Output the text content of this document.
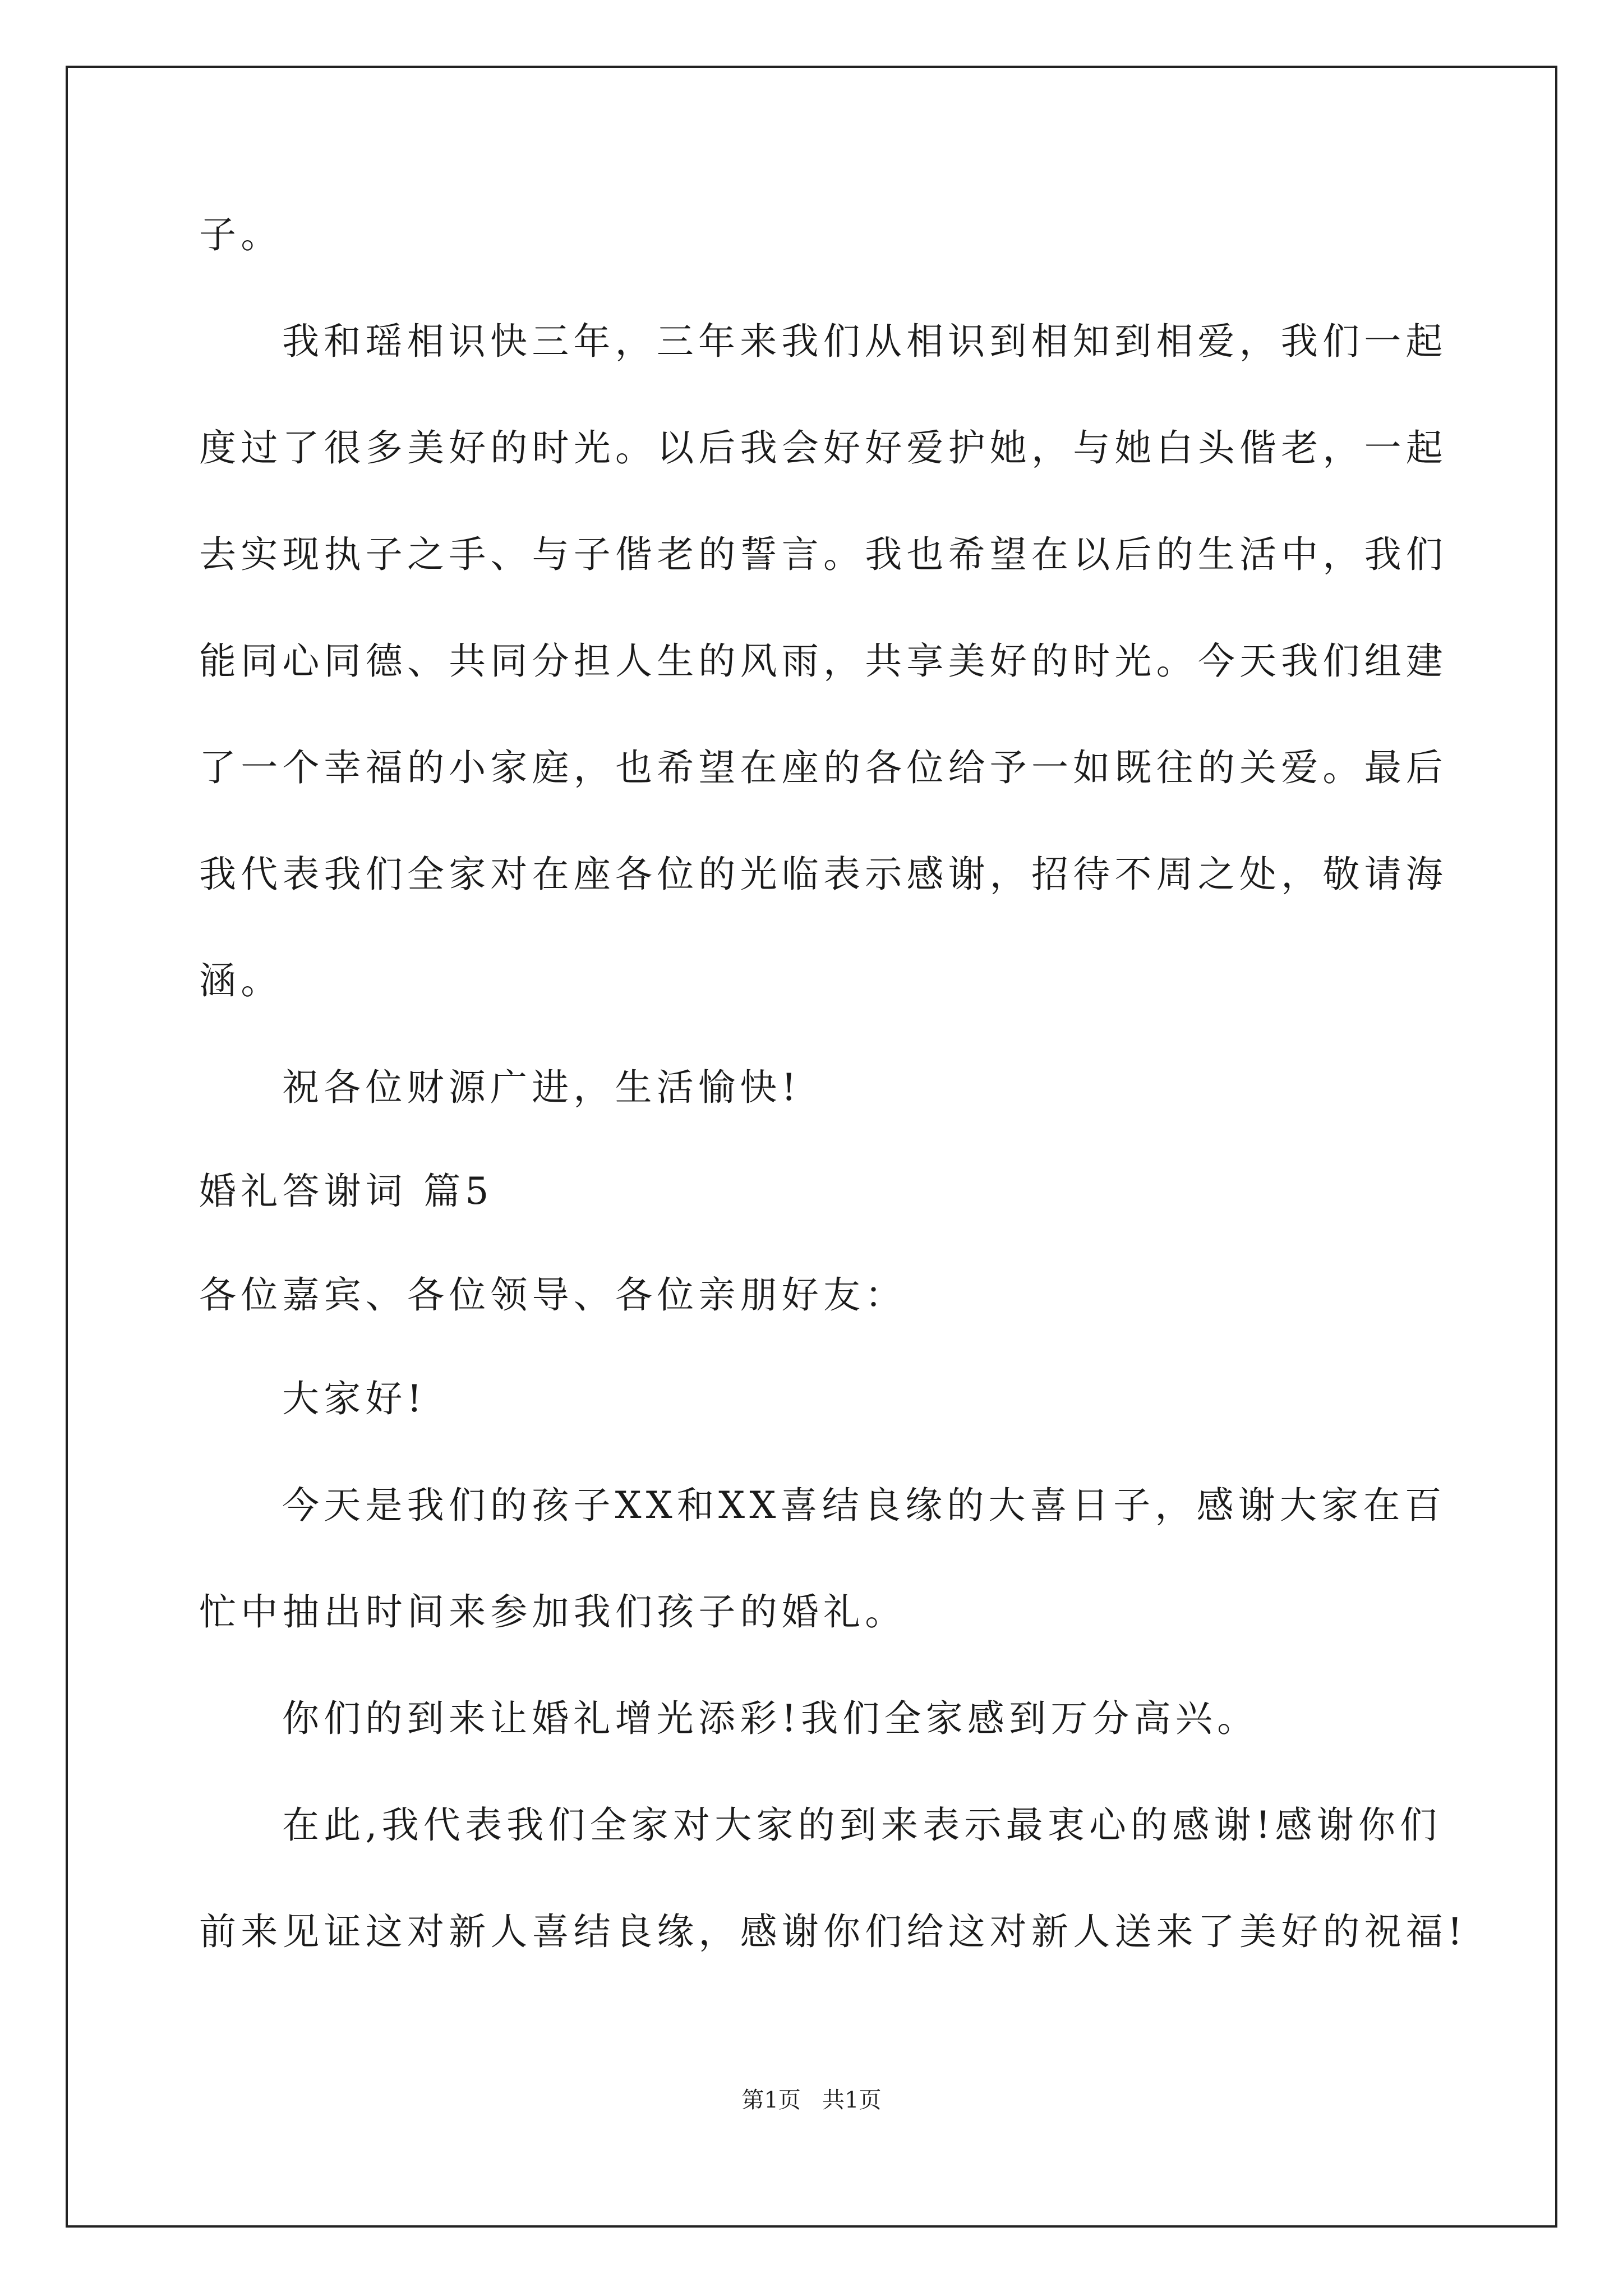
子。
我和瑶相识快三年，三年来我们从相识到相知到相爱，我们一起
度过了很多美好的时光。以后我会好好爱护她，与她白头偕老，一起
去实现执子之手、与子偕老的誓言。我也希望在以后的生活中，我们
能同心同德、共同分担人生的风雨，共享美好的时光。今天我们组建
了一个幸福的小家庭，也希望在座的各位给予一如既往的关爱。最后
我代表我们全家对在座各位的光临表示感谢，招待不周之处，敬请海
涵。
祝各位财源广进，生活愉快!
婚礼答谢词 篇5
各位嘉宾、各位领导、各位亲朋好友：
大家好!
今天是我们的孩子XX和XX喜结良缘的大喜日子，感谢大家在百
忙中抽出时间来参加我们孩子的婚礼。
你们的到来让婚礼增光添彩!我们全家感到万分高兴。
在此,我代表我们全家对大家的到来表示最衷心的感谢!感谢你们
前来见证这对新人喜结良缘，感谢你们给这对新人送来了美好的祝福!
第1页   共1页
